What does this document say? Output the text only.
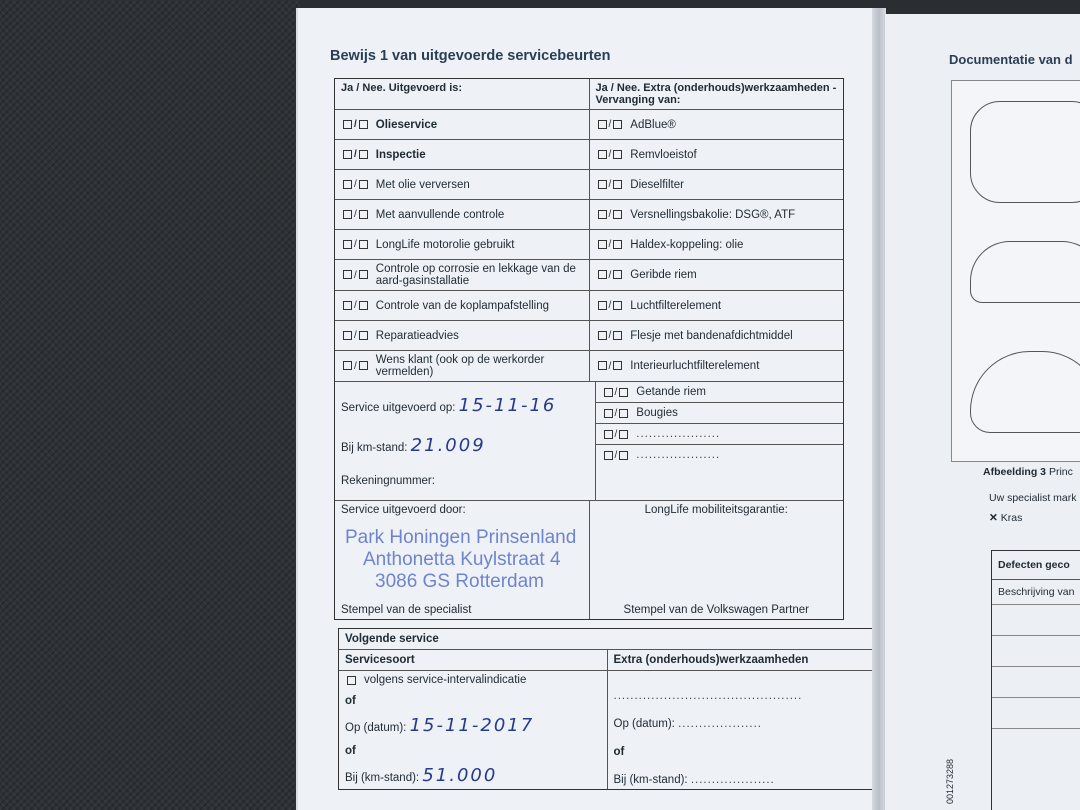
Bewijs 1 van uitgevoerde servicebeurten
Ja / Nee. Uitgevoerd is:	Ja / Nee. Extra (onderhouds)werkzaamheden - Vervanging van:
/	Olieservice	/	AdBlue®
/	Inspectie	/	Remvloeistof
/	Met olie verversen	/	Dieselfilter
/	Met aanvullende controle	/	Versnellingsbakolie: DSG®, ATF
/	LongLife motorolie gebruikt	/	Haldex-koppeling: olie
/	Controle op corrosie en lekkage van de aard-gasinstallatie	/	Geribde riem
/	Controle van de koplampafstelling	/	Luchtfilterelement
/	Reparatieadvies	/	Flesje met bandenafdichtmiddel
/	Wens klant (ook op de werkorder vermelden)	/	Interieurluchtfilterelement
Service uitgevoerd op: 15-11-16
Bij km-stand: 21.009
Rekeningnummer:
/ Getande riem
/ Bougies
/ ....................
/ ....................
Service uitgevoerd door:
Park Honingen Prinsenland
Anthonetta Kuylstraat 4
3086 GS Rotterdam
Stempel van de specialist
LongLife mobiliteitsgarantie:
Stempel van de Volkswagen Partner
Volgende service
Servicesoort	Extra (onderhouds)werkzaamheden
volgens service-intervalindicatie
of
Op (datum): 15-11-2017
of
Bij (km-stand): 51.000
.............................................
Op (datum): ....................
of
Bij (km-stand): ....................
Documentatie van d
Afbeelding 3 Princ
Uw specialist mark
✕ Kras
Defecten geco
Beschrijving van
001273288
